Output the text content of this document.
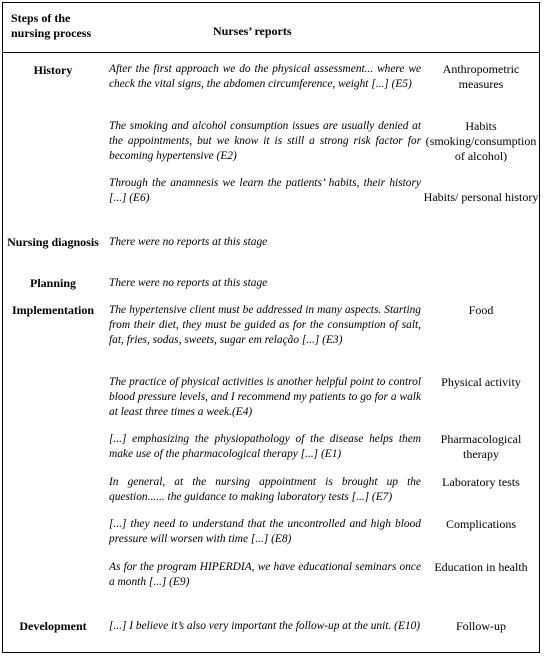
Steps of the nursing process	Nurses’ reports
History
Nursing diagnosis
Planning
Implementation
Development
After the first approach we do the physical assessment... where we check the vital signs, the abdomen circumference, weight [...] (E5)
The smoking and alcohol consumption issues are usually denied at the appointments, but we know it is still a strong risk factor for becoming hypertensive (E2)
Through the anamnesis we learn the patients’ habits, their history [...] (E6)
There were no reports at this stage
There were no reports at this stage
The hypertensive client must be addressed in many aspects. Starting from their diet, they must be guided as for the consumption of salt, fat, fries, sodas, sweets, sugar em relação [...] (E3)
The practice of physical activities is another helpful point to control blood pressure levels, and I recommend my patients to go for a walk at least three times a week.(E4)
[...] emphasizing the physiopathology of the disease helps them make use of the pharmacological therapy [...] (E1)
In general, at the nursing appointment is brought up the question...... the guidance to making laboratory tests [...] (E7)
[...] they need to understand that the uncontrolled and high blood pressure will worsen with time [...] (E8)
As for the program HIPERDIA, we have educational seminars once a month [...] (E9)
[...] I believe it’s also very important the follow-up at the unit. (E10)
Anthropometric measures
Habits (smoking/consumption of alcohol)
Habits/ personal history
Food
Physical activity
Pharmacological therapy
Laboratory tests
Complications
Education in health
Follow-up
